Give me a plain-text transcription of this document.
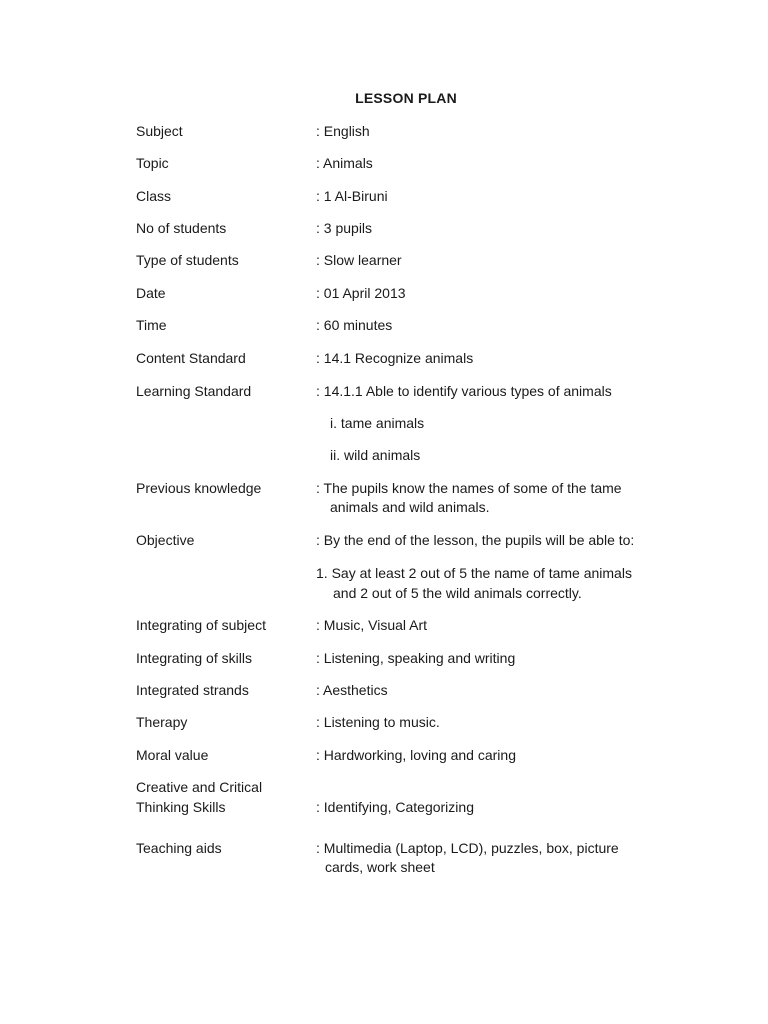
LESSON PLAN
Subject	: English
Topic	: Animals
Class	: 1 Al-Biruni
No of students	: 3 pupils
Type of students	: Slow learner
Date	: 01 April 2013
Time	: 60 minutes
Content Standard	: 14.1 Recognize animals
Learning Standard	: 14.1.1 Able to identify various types of animals
i. tame animals
ii. wild animals
Previous knowledge	: The pupils know the names of some of the tame
animals and wild animals.
Objective	: By the end of the lesson, the pupils will be able to:
1. Say at least 2 out of 5 the name of tame animals
and 2 out of 5 the wild animals correctly.
Integrating of subject	: Music, Visual Art
Integrating of skills	: Listening, speaking and writing
Integrated strands	: Aesthetics
Therapy	: Listening to music.
Moral value	: Hardworking, loving and caring
Creative and Critical
Thinking Skills	: Identifying, Categorizing
Teaching aids	: Multimedia (Laptop, LCD), puzzles, box, picture
cards, work sheet
